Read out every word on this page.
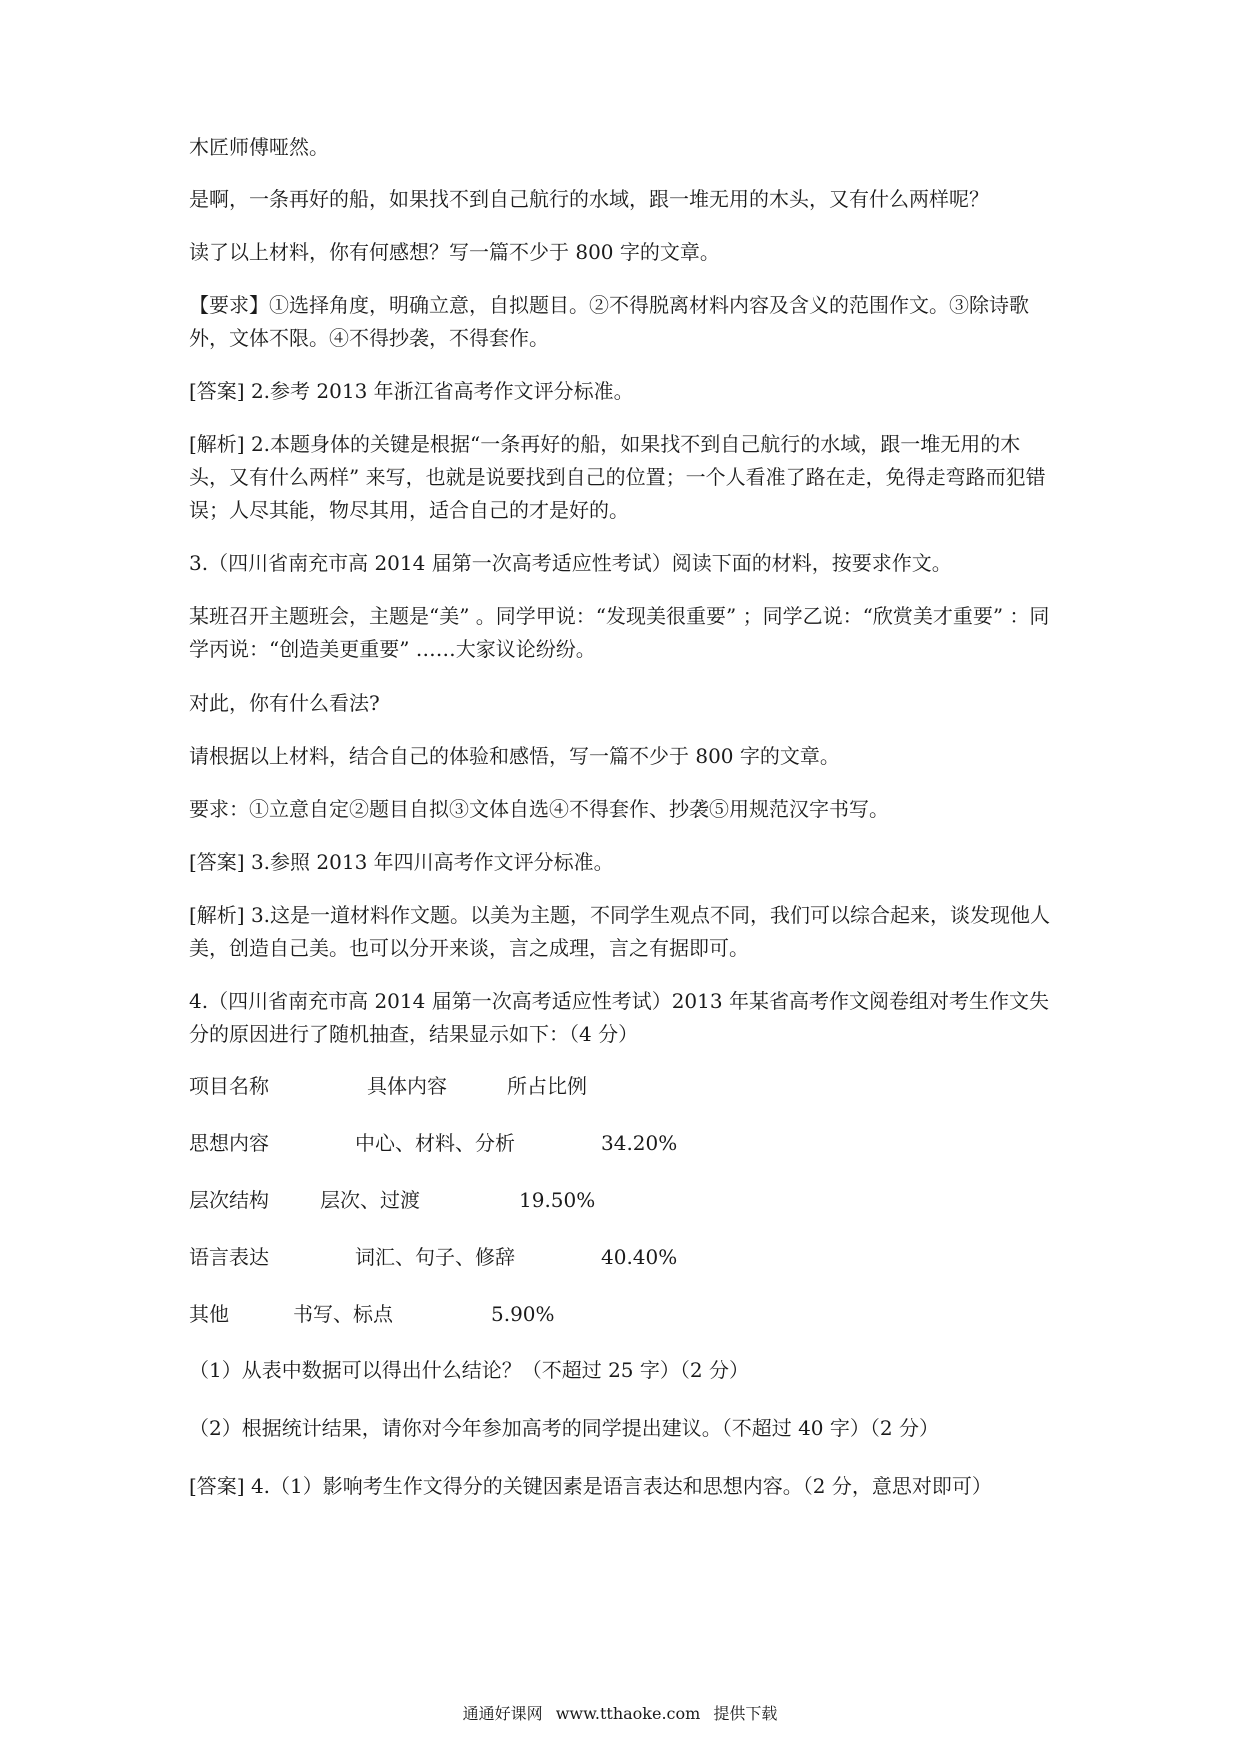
木匠师傅哑然。

是啊，一条再好的船，如果找不到自己航行的水域，跟一堆无用的木头，又有什么两样呢？

读了以上材料，你有何感想？写一篇不少于 800 字的文章。

【要求】①选择角度，明确立意，自拟题目。②不得脱离材料内容及含义的范围作文。③除诗歌外，文体不限。④不得抄袭，不得套作。

[答案] 2.参考 2013 年浙江省高考作文评分标准。

[解析] 2.本题身体的关键是根据“一条再好的船，如果找不到自己航行的水域，跟一堆无用的木头，又有什么两样” 来写，也就是说要找到自己的位置；一个人看准了路在走，免得走弯路而犯错误；人尽其能，物尽其用，适合自己的才是好的。

3.（四川省南充市高 2014 届第一次高考适应性考试）阅读下面的材料，按要求作文。

某班召开主题班会，主题是“美” 。同学甲说：“发现美很重要” ；同学乙说：“欣赏美才重要” ：同学丙说：“创造美更重要” ……大家议论纷纷。

对此，你有什么看法?

请根据以上材料，结合自己的体验和感悟，写一篇不少于 800 字的文章。

要求：①立意自定②题目自拟③文体自选④不得套作、抄袭⑤用规范汉字书写。

[答案] 3.参照 2013 年四川高考作文评分标准。

[解析] 3.这是一道材料作文题。以美为主题，不同学生观点不同，我们可以综合起来，谈发现他人美，创造自己美。也可以分开来谈，言之成理，言之有据即可。

4.（四川省南充市高 2014 届第一次高考适应性考试）2013 年某省高考作文阅卷组对考生作文失分的原因进行了随机抽查，结果显示如下：（4 分）

项目名称	具体内容	所占比例
思想内容	中心、材料、分析	34.20%
层次结构	层次、过渡	19.50%
语言表达	词汇、句子、修辞	40.40%
其他	书写、标点	5.90%

（1）从表中数据可以得出什么结论？（不超过 25 字）（2 分）

（2）根据统计结果，请你对今年参加高考的同学提出建议。（不超过 40 字）（2 分）

[答案] 4.（1）影响考生作文得分的关键因素是语言表达和思想内容。（2 分，意思对即可）

通通好课网 www.tthaoke.com 提供下载
